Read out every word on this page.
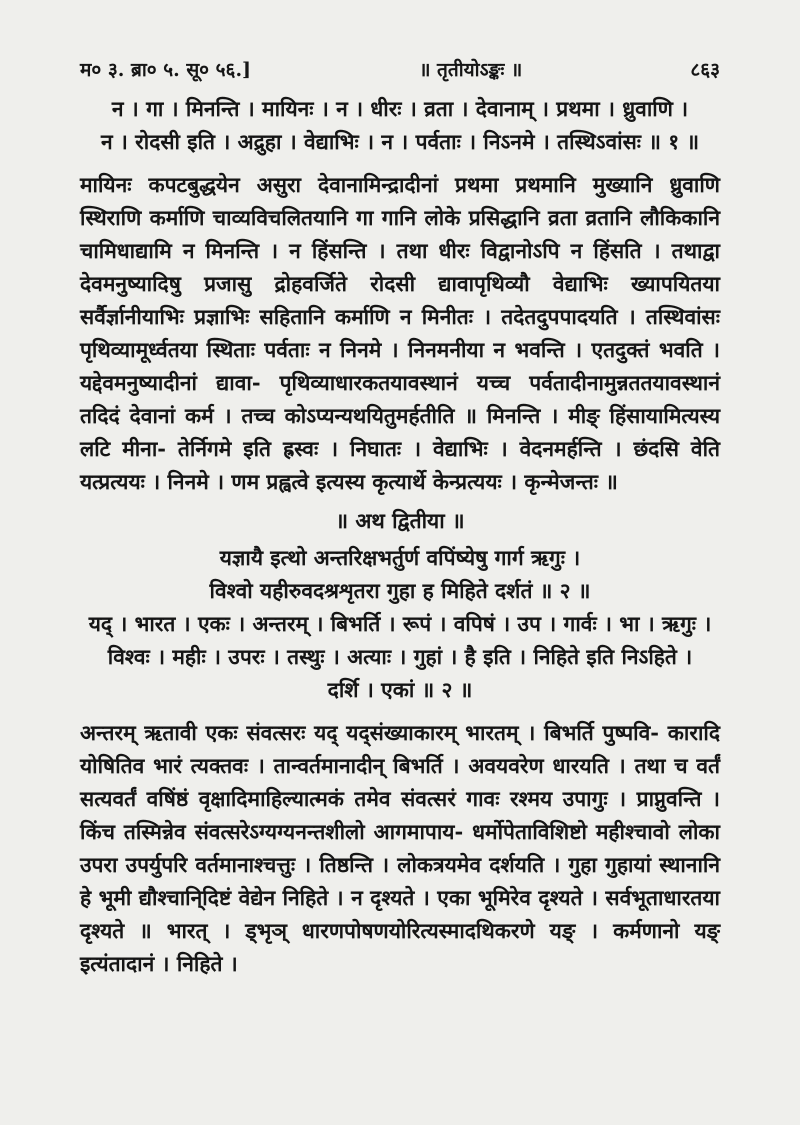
म० ३. ब्रा० ५. सू० ५६.]	॥ तृतीयोऽङ्कः ॥	८६३

न । गा । मिनन्ति । मायिनः । न । धीरः । व्रता । देवानाम् । प्रथमा । ध्रुवाणि ।

न । रोदसी इति । अद्रुहा । वेद्याभिः । न । पर्वताः । निऽनमे । तस्थिऽवांसः ॥ १ ॥

मायिनः कपटबुद्धयेन असुरा देवानामिन्द्रादीनां प्रथमा प्रथमानि मुख्यानि ध्रुवाणि स्थिराणि कर्माणि चाव्यविचलितयानि गा गानि लोके प्रसिद्धानि व्रता व्रतानि लौकिकानि चामिधाद्यामि न मिनन्ति । न हिंसन्ति । तथा धीरः विद्वानोऽपि न हिंसति । तथाद्वा देवमनुष्यादिषु प्रजासु द्रोहवर्जिते रोदसी द्यावापृथिव्यौ वेद्याभिः ख्यापयितया सर्वैर्ज्ञानीयाभिः प्रज्ञाभिः सहितानि कर्माणि न मिनीतः । तदेतदुपपादयति । तस्थिवांसः पृथिव्यामूर्ध्वतया स्थिताः पर्वताः न निनमे । निनमनीया न भवन्ति । एतदुक्तं भवति । यद्देवमनुष्यादीनां द्यावा- पृथिव्याधारकतयावस्थानं यच्च पर्वतादीनामुन्नततयावस्थानं तदिदं देवानां कर्म । तच्च कोऽप्यन्यथयितुमर्हतीति ॥ मिनन्ति । मीङ् हिंसायामित्यस्य लटि मीना- तेर्निगमे इति ह्रस्वः । निघातः । वेद्याभिः । वेदनमर्हन्ति । छंदसि वेति यत्प्रत्ययः । निनमे । णम प्रह्वत्वे इत्यस्य कृत्यार्थे केन्प्रत्ययः । कृन्मेजन्तः ॥

॥ अथ द्वितीया ॥

यज्ञायै इत्थो अन्तरिक्षभर्तुर्ण वपिंष्येषु गार्ग ऋगुः ।

विश्वो यहीरुवदश्रशृतरा गुहा ह मिहिते दर्शतं ॥ २ ॥

यद् । भारत । एकः । अन्तरम् । बिभर्ति । रूपं । वपिषं । उप । गार्वः । भा । ऋगुः ।

विश्वः । महीः । उपरः । तस्थुः । अत्याः । गुहां । है इति । निहिते इति निऽहिते ।

दर्शि । एकां ॥ २ ॥

अन्तरम् ऋतावी एकः संवत्सरः यद् यद्संख्याकारम् भारतम् । बिभर्ति पुष्पवि- कारादि योषितिव भारं त्यक्तवः । तान्वर्तमानादीन् बिभर्ति । अवयवरेण धारयति । तथा च वर्तं सत्यवर्तं वषिंष्ठं वृक्षादिमाहिल्यात्मकं तमेव संवत्सरं गावः रश्मय उपागुः । प्राप्नुवन्ति । किंच तस्मिन्नेव संवत्सरेऽग्यग्यनन्तशीलो आगमापाय- धर्मोपेताविशिष्टो महीश्चावो लोका उपरा उपर्युपरि वर्तमानाश्चत्तुः । तिष्ठन्ति । लोकत्रयमेव दर्शयति । गुहा गुहायां स्थानानि हे भूमी द्यौश्चानि्दिष्टं वेद्येन निहिते । न दृश्यते । एका भूमिरेव दृश्यते । सर्वभूताधारतया दृश्यते ॥ भारत् । ड्भृञ् धारणपोषणयोरित्यस्मादथिकरणे यङ् । कर्मणानो यङ् इत्यंतादानं । निहिते ।
